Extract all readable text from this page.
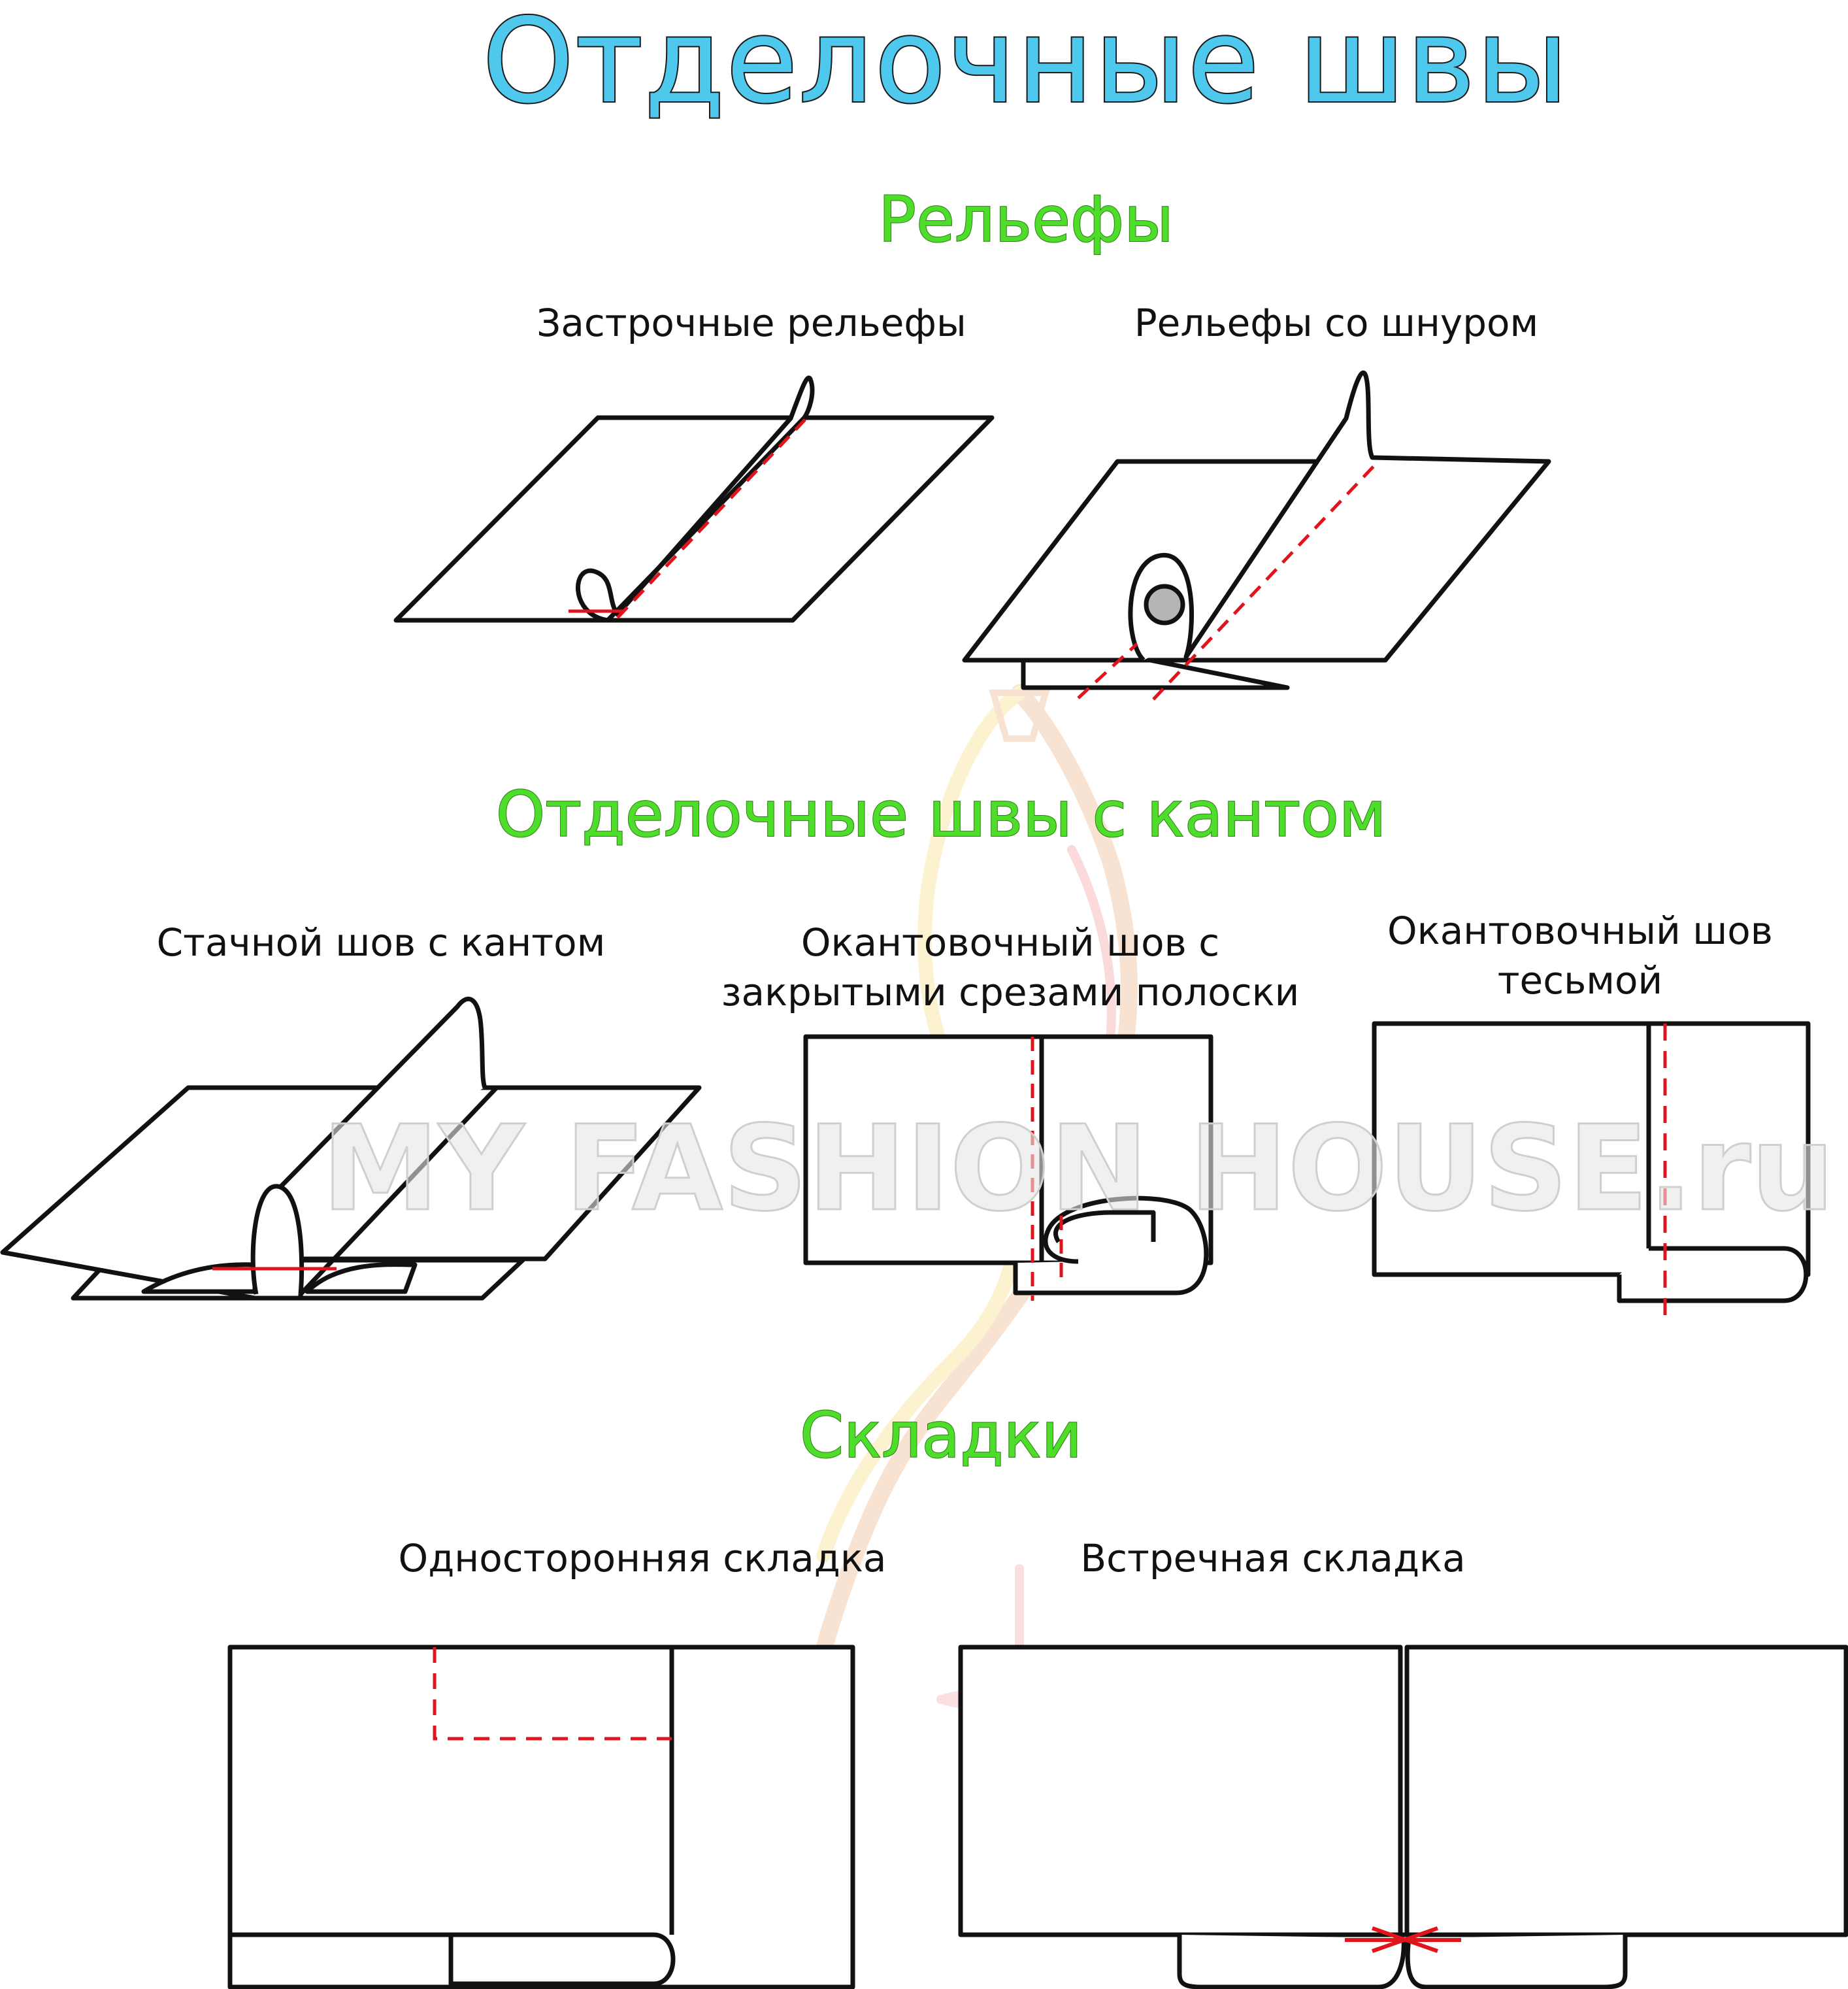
MY FASHION HOUSE.ru
Отделочные швы
Рельефы
Застрочные рельефы	Рельефы со шнуром
Отделочные швы с кантом
Стачной шов с кантом	Окантовочный шов с
закрытыми срезами полоски
Окантовочный шов
тесьмой
Складки
Односторонняя складка	Встречная складка
